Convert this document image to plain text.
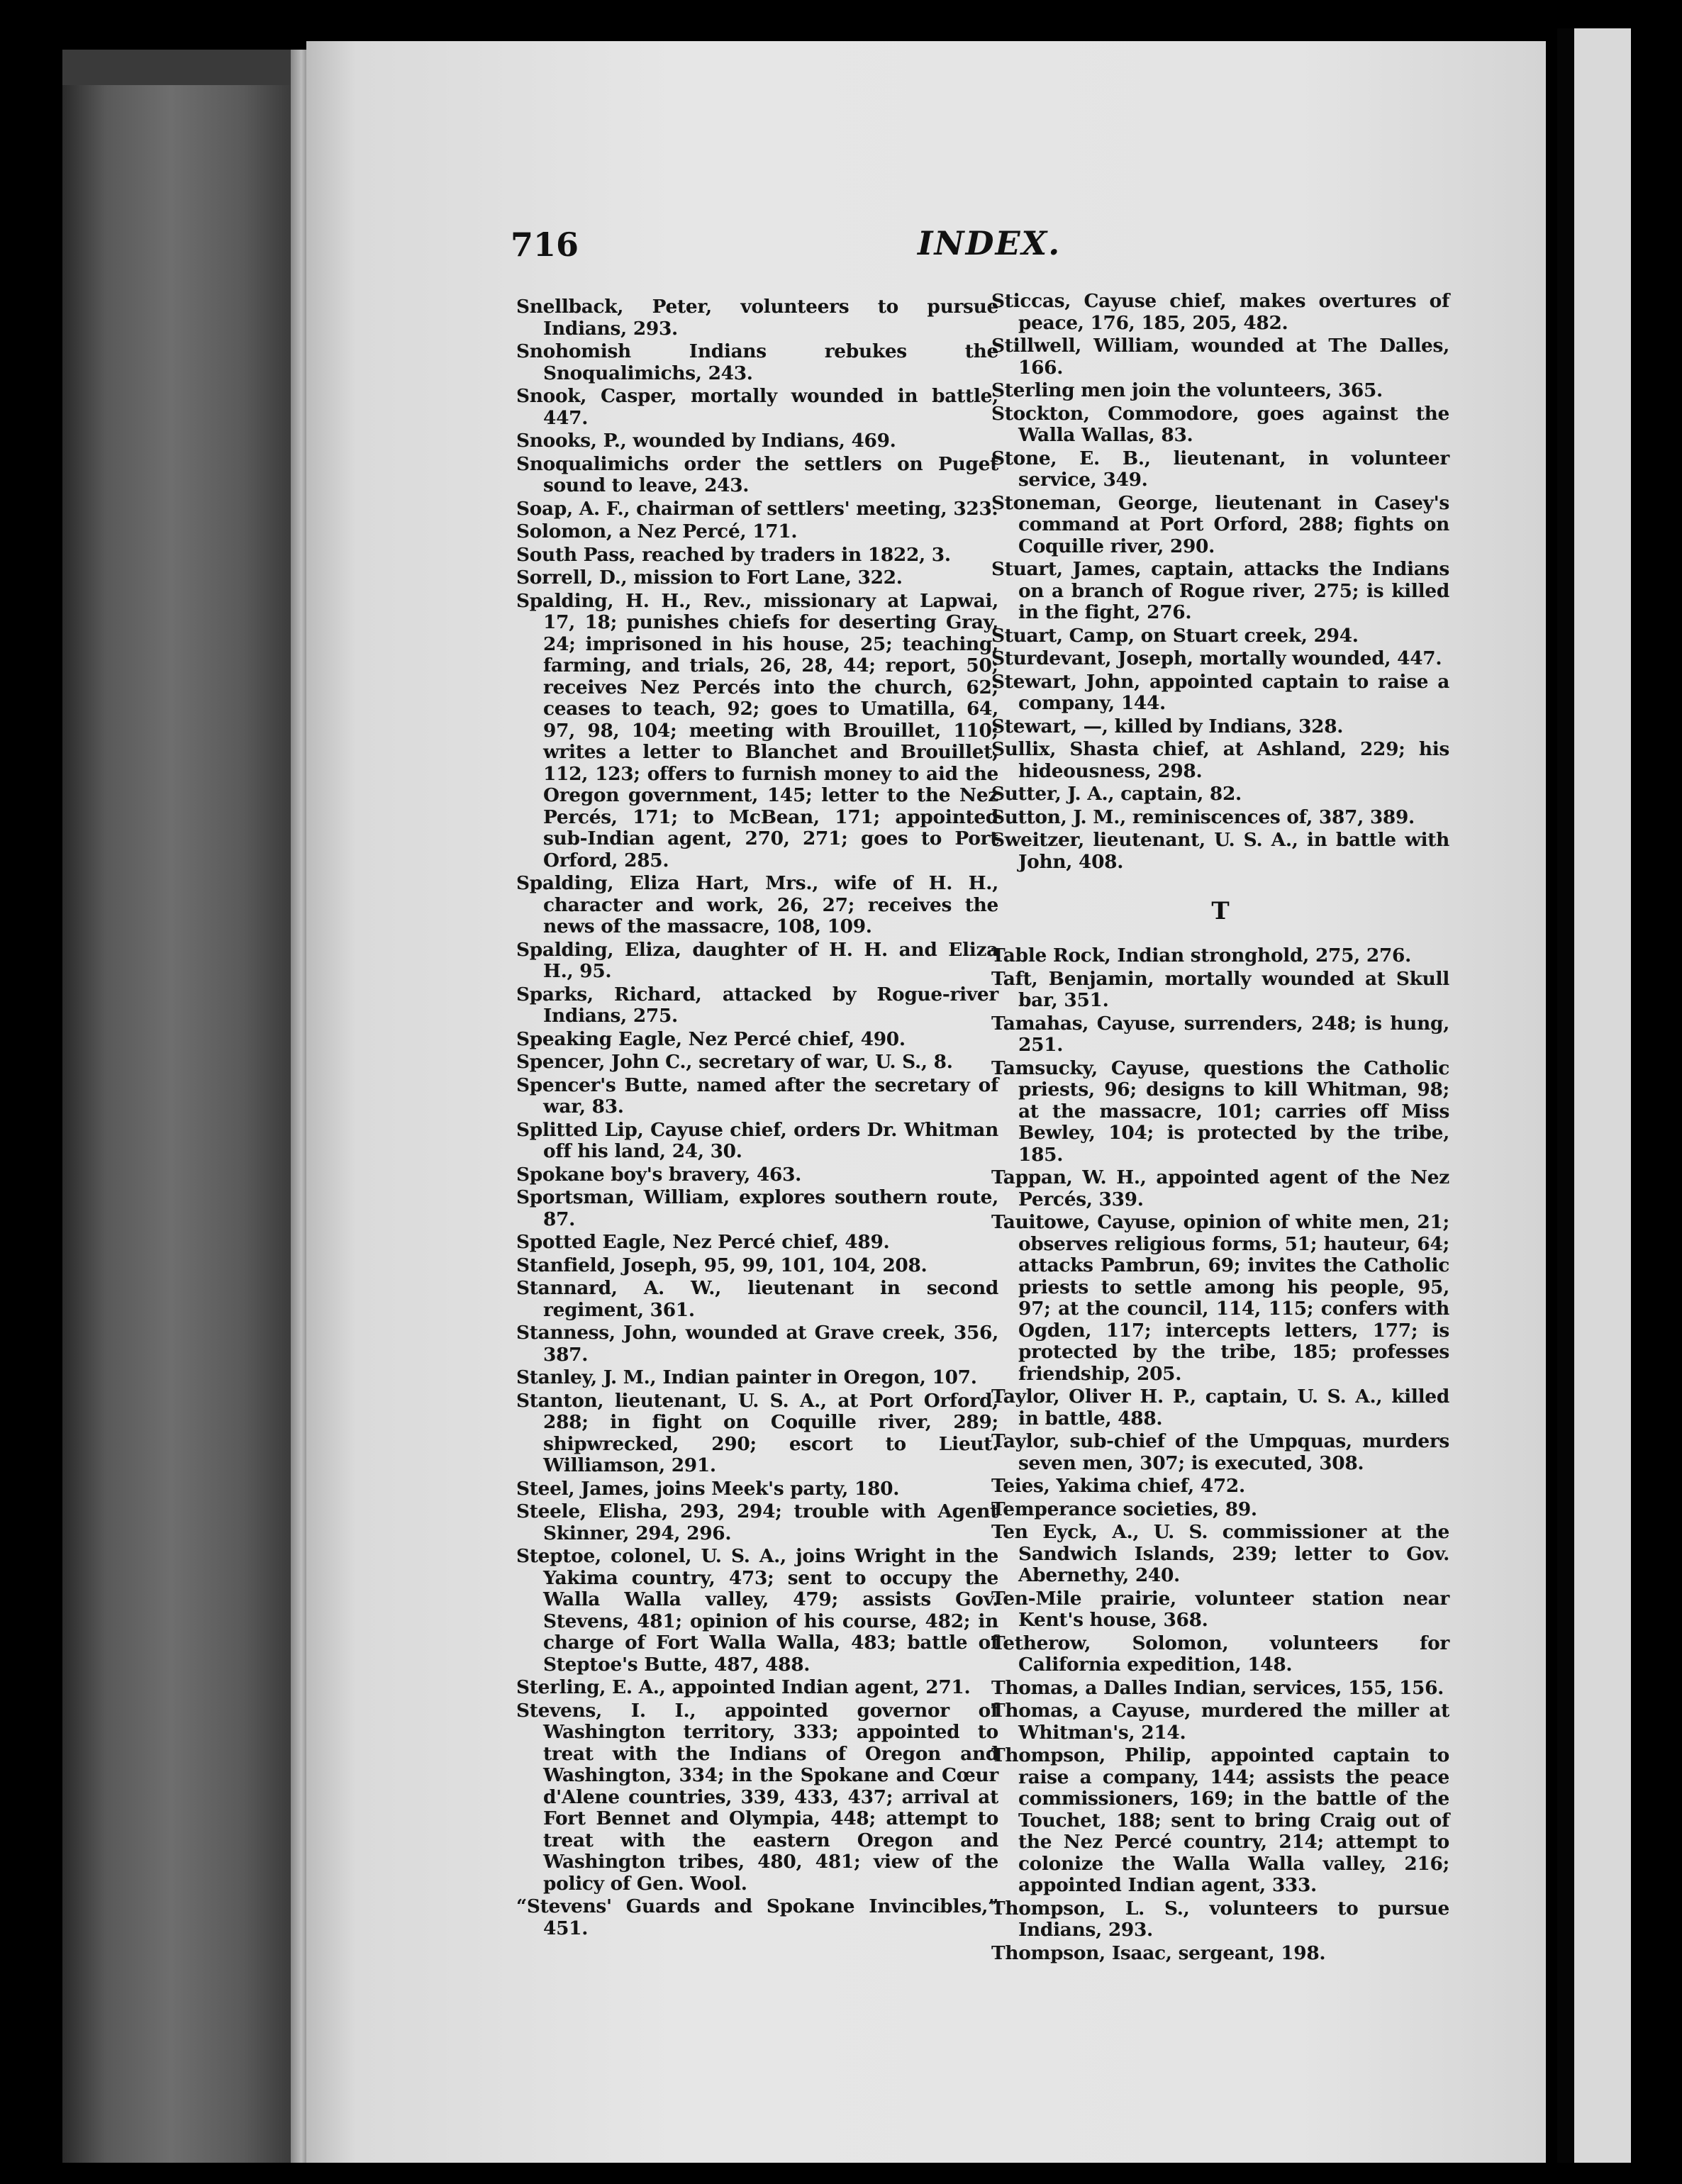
716	INDEX.

Snellback, Peter, volunteers to pursue Indians, 293.

Snohomish Indians rebukes the Snoqualimichs, 243.

Snook, Casper, mortally wounded in battle, 447.

Snooks, P., wounded by Indians, 469.

Snoqualimichs order the settlers on Puget sound to leave, 243.

Soap, A. F., chairman of settlers' meeting, 323.

Solomon, a Nez Percé, 171.

South Pass, reached by traders in 1822, 3.

Sorrell, D., mission to Fort Lane, 322.

Spalding, H. H., Rev., missionary at Lapwai, 17, 18; punishes chiefs for deserting Gray, 24; imprisoned in his house, 25; teaching, farming, and trials, 26, 28, 44; report, 50; receives Nez Percés into the church, 62; ceases to teach, 92; goes to Umatilla, 64, 97, 98, 104; meeting with Brouillet, 110; writes a letter to Blanchet and Brouillet, 112, 123; offers to furnish money to aid the Oregon government, 145; letter to the Nez Percés, 171; to McBean, 171; appointed sub-Indian agent, 270, 271; goes to Port Orford, 285.

Spalding, Eliza Hart, Mrs., wife of H. H., character and work, 26, 27; receives the news of the massacre, 108, 109.

Spalding, Eliza, daughter of H. H. and Eliza H., 95.

Sparks, Richard, attacked by Rogue-river Indians, 275.

Speaking Eagle, Nez Percé chief, 490.

Spencer, John C., secretary of war, U. S., 8.

Spencer's Butte, named after the secretary of war, 83.

Splitted Lip, Cayuse chief, orders Dr. Whitman off his land, 24, 30.

Spokane boy's bravery, 463.

Sportsman, William, explores southern route, 87.

Spotted Eagle, Nez Percé chief, 489.

Stanfield, Joseph, 95, 99, 101, 104, 208.

Stannard, A. W., lieutenant in second regiment, 361.

Stanness, John, wounded at Grave creek, 356, 387.

Stanley, J. M., Indian painter in Oregon, 107.

Stanton, lieutenant, U. S. A., at Port Orford, 288; in fight on Coquille river, 289; shipwrecked, 290; escort to Lieut. Williamson, 291.

Steel, James, joins Meek's party, 180.

Steele, Elisha, 293, 294; trouble with Agent Skinner, 294, 296.

Steptoe, colonel, U. S. A., joins Wright in the Yakima country, 473; sent to occupy the Walla Walla valley, 479; assists Gov. Stevens, 481; opinion of his course, 482; in charge of Fort Walla Walla, 483; battle of Steptoe's Butte, 487, 488.

Sterling, E. A., appointed Indian agent, 271.

Stevens, I. I., appointed governor of Washington territory, 333; appointed to treat with the Indians of Oregon and Washington, 334; in the Spokane and Cœur d'Alene countries, 339, 433, 437; arrival at Fort Bennet and Olympia, 448; attempt to treat with the eastern Oregon and Washington tribes, 480, 481; view of the policy of Gen. Wool.

“Stevens' Guards and Spokane Invincibles,” 451.

Sticcas, Cayuse chief, makes overtures of peace, 176, 185, 205, 482.

Stillwell, William, wounded at The Dalles, 166.

Sterling men join the volunteers, 365.

Stockton, Commodore, goes against the Walla Wallas, 83.

Stone, E. B., lieutenant, in volunteer service, 349.

Stoneman, George, lieutenant in Casey's command at Port Orford, 288; fights on Coquille river, 290.

Stuart, James, captain, attacks the Indians on a branch of Rogue river, 275; is killed in the fight, 276.

Stuart, Camp, on Stuart creek, 294.

Sturdevant, Joseph, mortally wounded, 447.

Stewart, John, appointed captain to raise a company, 144.

Stewart, —, killed by Indians, 328.

Sullix, Shasta chief, at Ashland, 229; his hideousness, 298.

Sutter, J. A., captain, 82.

Sutton, J. M., reminiscences of, 387, 389.

Sweitzer, lieutenant, U. S. A., in battle with John, 408.

T

Table Rock, Indian stronghold, 275, 276.

Taft, Benjamin, mortally wounded at Skull bar, 351.

Tamahas, Cayuse, surrenders, 248; is hung, 251.

Tamsucky, Cayuse, questions the Catholic priests, 96; designs to kill Whitman, 98; at the massacre, 101; carries off Miss Bewley, 104; is protected by the tribe, 185.

Tappan, W. H., appointed agent of the Nez Percés, 339.

Tauitowe, Cayuse, opinion of white men, 21; observes religious forms, 51; hauteur, 64; attacks Pambrun, 69; invites the Catholic priests to settle among his people, 95, 97; at the council, 114, 115; confers with Ogden, 117; intercepts letters, 177; is protected by the tribe, 185; professes friendship, 205.

Taylor, Oliver H. P., captain, U. S. A., killed in battle, 488.

Taylor, sub-chief of the Umpquas, murders seven men, 307; is executed, 308.

Teies, Yakima chief, 472.

Temperance societies, 89.

Ten Eyck, A., U. S. commissioner at the Sandwich Islands, 239; letter to Gov. Abernethy, 240.

Ten-Mile prairie, volunteer station near Kent's house, 368.

Tetherow, Solomon, volunteers for California expedition, 148.

Thomas, a Dalles Indian, services, 155, 156.

Thomas, a Cayuse, murdered the miller at Whitman's, 214.

Thompson, Philip, appointed captain to raise a company, 144; assists the peace commissioners, 169; in the battle of the Touchet, 188; sent to bring Craig out of the Nez Percé country, 214; attempt to colonize the Walla Walla valley, 216; appointed Indian agent, 333.

Thompson, L. S., volunteers to pursue Indians, 293.

Thompson, Isaac, sergeant, 198.
